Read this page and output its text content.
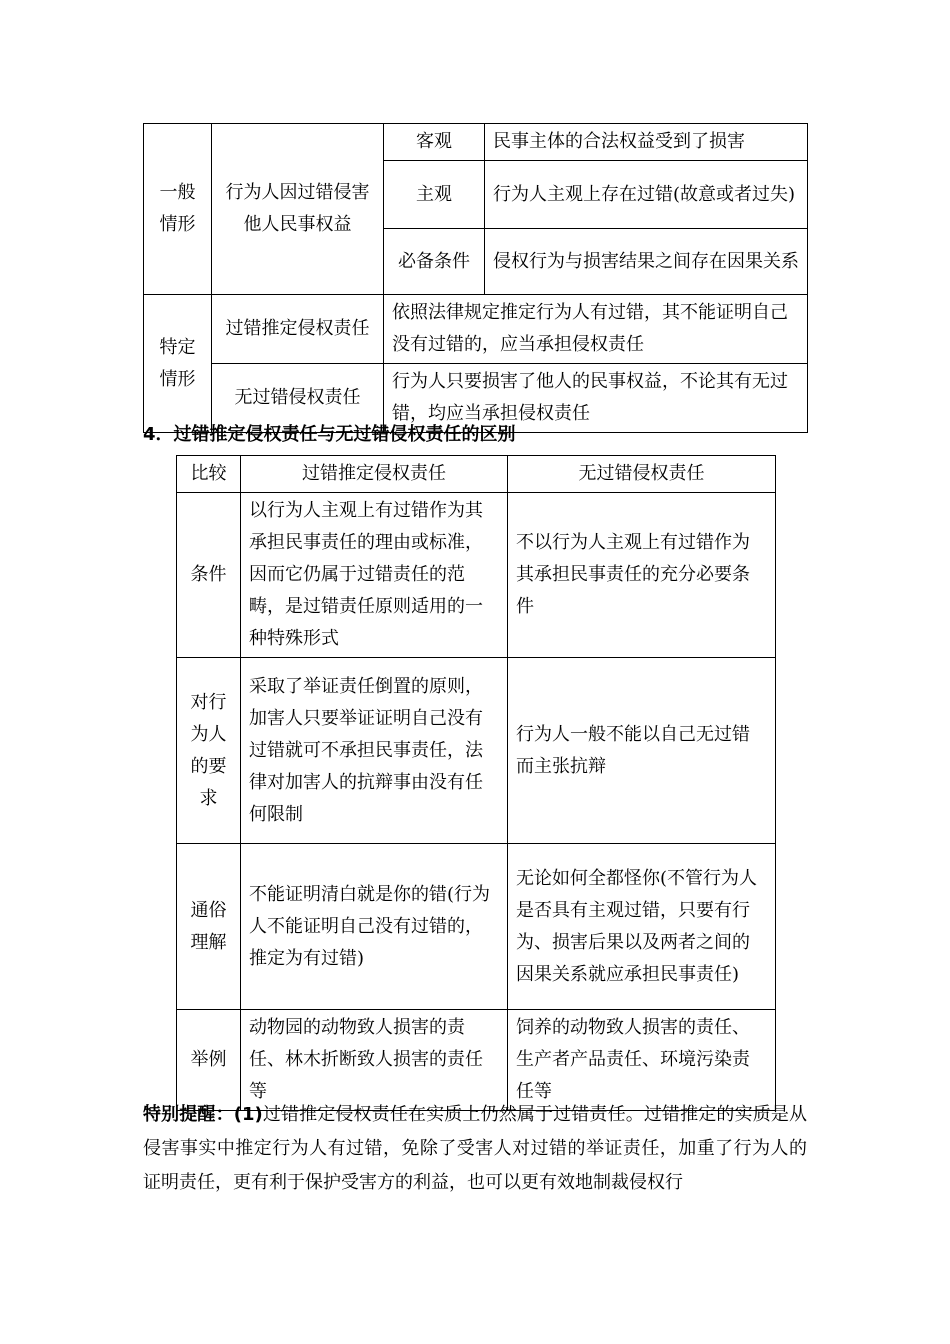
一般
情形	行为人因过错侵害他人民事权益	客观	民事主体的合法权益受到了损害
		主观	行为人主观上存在过错(故意或者过失)
		必备条件	侵权行为与损害结果之间存在因果关系
特定
情形	过错推定侵权责任	依照法律规定推定行为人有过错，其不能证明自己没有过错的，应当承担侵权责任	
	无过错侵权责任	行为人只要损害了他人的民事权益，不论其有无过错，均应当承担侵权责任	
4．过错推定侵权责任与无过错侵权责任的区别
比较	过错推定侵权责任	无过错侵权责任
条件	以行为人主观上有过错作为其承担民事责任的理由或标准，因而它仍属于过错责任的范畴，是过错责任原则适用的一种特殊形式	不以行为人主观上有过错作为其承担民事责任的充分必要条件
对行
为人
的要
求	采取了举证责任倒置的原则，加害人只要举证证明自己没有过错就可不承担民事责任，法律对加害人的抗辩事由没有任何限制	行为人一般不能以自己无过错而主张抗辩
通俗
理解	不能证明清白就是你的错(行为人不能证明自己没有过错的，推定为有过错)	无论如何全都怪你(不管行为人是否具有主观过错，只要有行为、损害后果以及两者之间的因果关系就应承担民事责任)
举例	动物园的动物致人损害的责任、林木折断致人损害的责任等	饲养的动物致人损害的责任、生产者产品责任、环境污染责任等
特别提醒：(1)过错推定侵权责任在实质上仍然属于过错责任。过错推定的实质是从侵害事实中推定行为人有过错，免除了受害人对过错的举证责任，加重了行为人的证明责任，更有利于保护受害方的利益，也可以更有效地制裁侵权行
